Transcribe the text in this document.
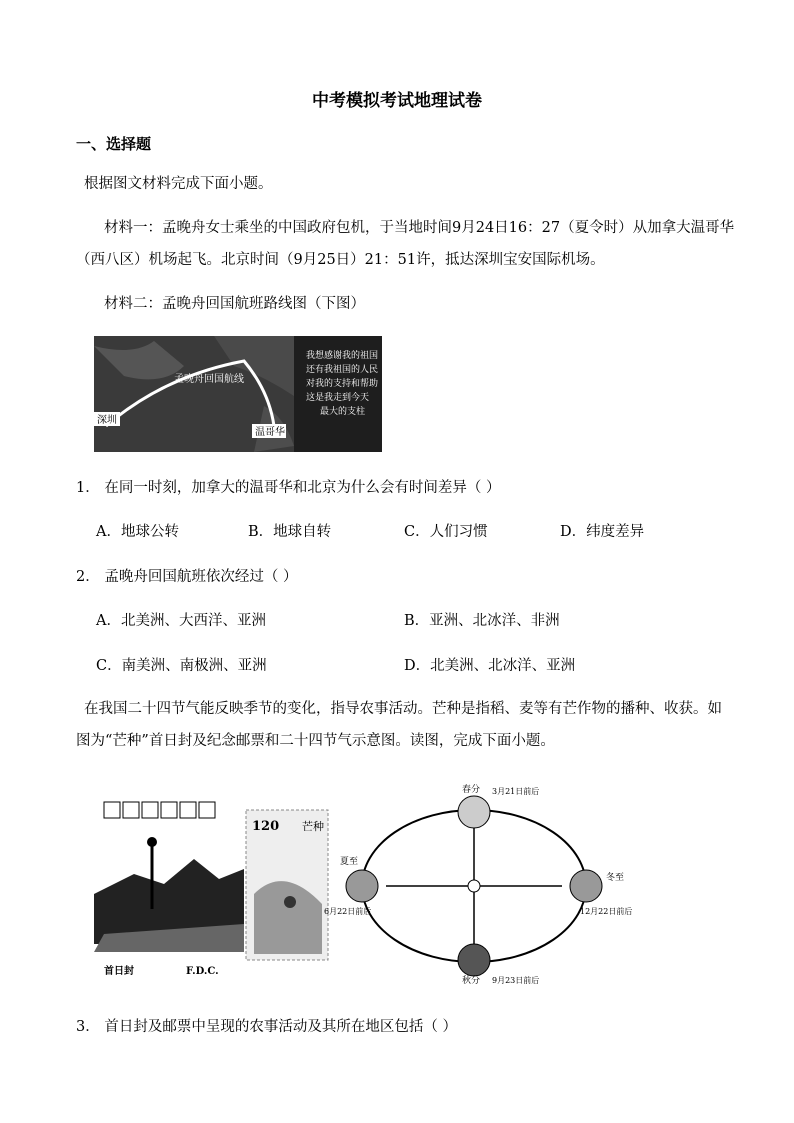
中考模拟考试地理试卷
一、选择题
根据图文材料完成下面小题。
材料一：孟晚舟女士乘坐的中国政府包机，于当地时间9月24日16：27（夏令时）从加拿大温哥华（西八区）机场起飞。北京时间（9月25日）21：51许，抵达深圳宝安国际机场。
材料二：孟晚舟回国航班路线图（下图）
深圳
温哥华
孟晚舟回国航线
我想感谢我的祖国
还有我祖国的人民
对我的支持和帮助
这是我走到今天
最大的支柱
1． 在同一时刻，加拿大的温哥华和北京为什么会有时间差异（ ）
A．地球公转	B．地球自转	C．人们习惯	D．纬度差异
2． 孟晚舟回国航班依次经过（ ）
A．北美洲、大西洋、亚洲	B．亚洲、北冰洋、非洲
C．南美洲、南极洲、亚洲	D．北美洲、北冰洋、亚洲
在我国二十四节气能反映季节的变化，指导农事活动。芒种是指稻、麦等有芒作物的播种、收获。如图为“芒种”首日封及纪念邮票和二十四节气示意图。读图，完成下面小题。
首日封	F.D.C.
120 芒种
春分 3月21日前后
夏至
6月22日前后
秋分 9月23日前后
冬至
12月22日前后
3． 首日封及邮票中呈现的农事活动及其所在地区包括（ ）
